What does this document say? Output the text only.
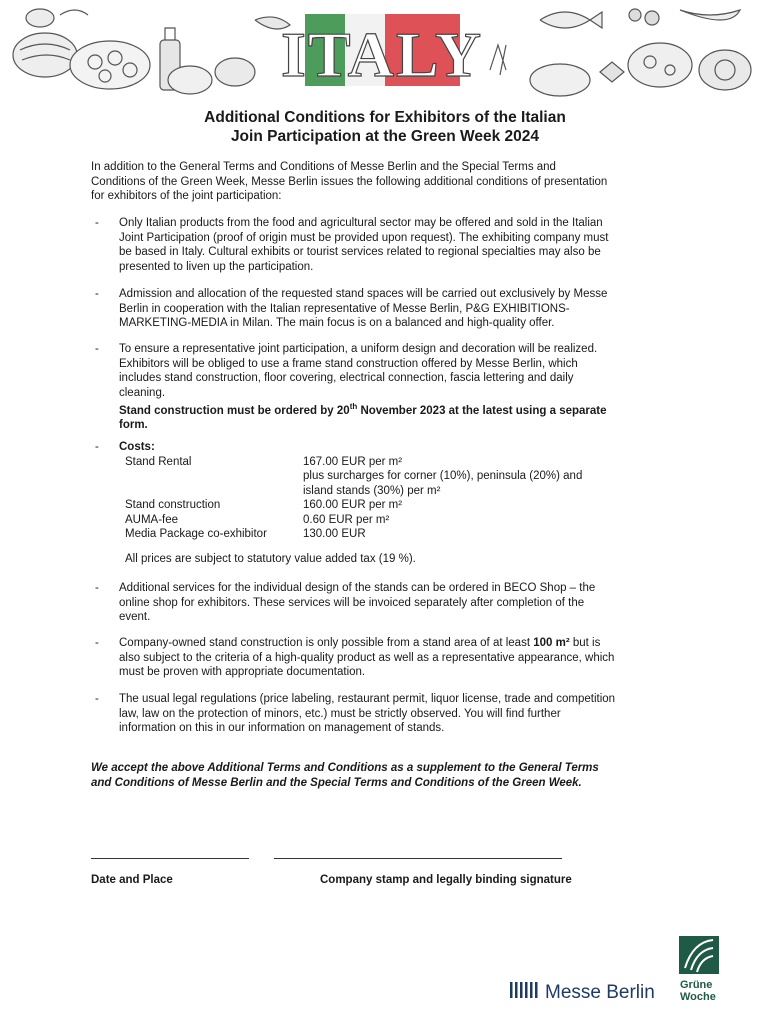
ITALY
Additional Conditions for Exhibitors of the Italian
Join Participation at the Green Week 2024
In addition to the General Terms and Conditions of Messe Berlin and the Special Terms and
Conditions of the Green Week, Messe Berlin issues the following additional conditions of presentation
for exhibitors of the joint participation:
- Only Italian products from the food and agricultural sector may be offered and sold in the Italian
Joint Participation (proof of origin must be provided upon request). The exhibiting company must
be based in Italy. Cultural exhibits or tourist services related to regional specialties may also be
presented to liven up the participation.
- Admission and allocation of the requested stand spaces will be carried out exclusively by Messe
Berlin in cooperation with the Italian representative of Messe Berlin, P&G EXHIBITIONS-
MARKETING-MEDIA in Milan. The main focus is on a balanced and high-quality offer.
- To ensure a representative joint participation, a uniform design and decoration will be realized.
Exhibitors will be obliged to use a frame stand construction offered by Messe Berlin, which
includes stand construction, floor covering, electrical connection, fascia lettering and daily
cleaning.
Stand construction must be ordered by 20th November 2023 at the latest using a separate
form.
- Costs:
Stand Rental	167.00 EUR per m²
plus surcharges for corner (10%), peninsula (20%) and
island stands (30%) per m²
Stand construction	160.00 EUR per m²
AUMA-fee	0.60 EUR per m²
Media Package co-exhibitor	130.00 EUR
All prices are subject to statutory value added tax (19 %).
- Additional services for the individual design of the stands can be ordered in BECO Shop – the
online shop for exhibitors. These services will be invoiced separately after completion of the
event.
- Company-owned stand construction is only possible from a stand area of at least 100 m² but is
also subject to the criteria of a high-quality product as well as a representative appearance, which
must be proven with appropriate documentation.
- The usual legal regulations (price labeling, restaurant permit, liquor license, trade and competition
law, law on the protection of minors, etc.) must be strictly observed. You will find further
information on this in our information on management of stands.
We accept the above Additional Terms and Conditions as a supplement to the General Terms
and Conditions of Messe Berlin and the Special Terms and Conditions of the Green Week.
Date and Place	Company stamp and legally binding signature
Messe Berlin Grüne
Woche
